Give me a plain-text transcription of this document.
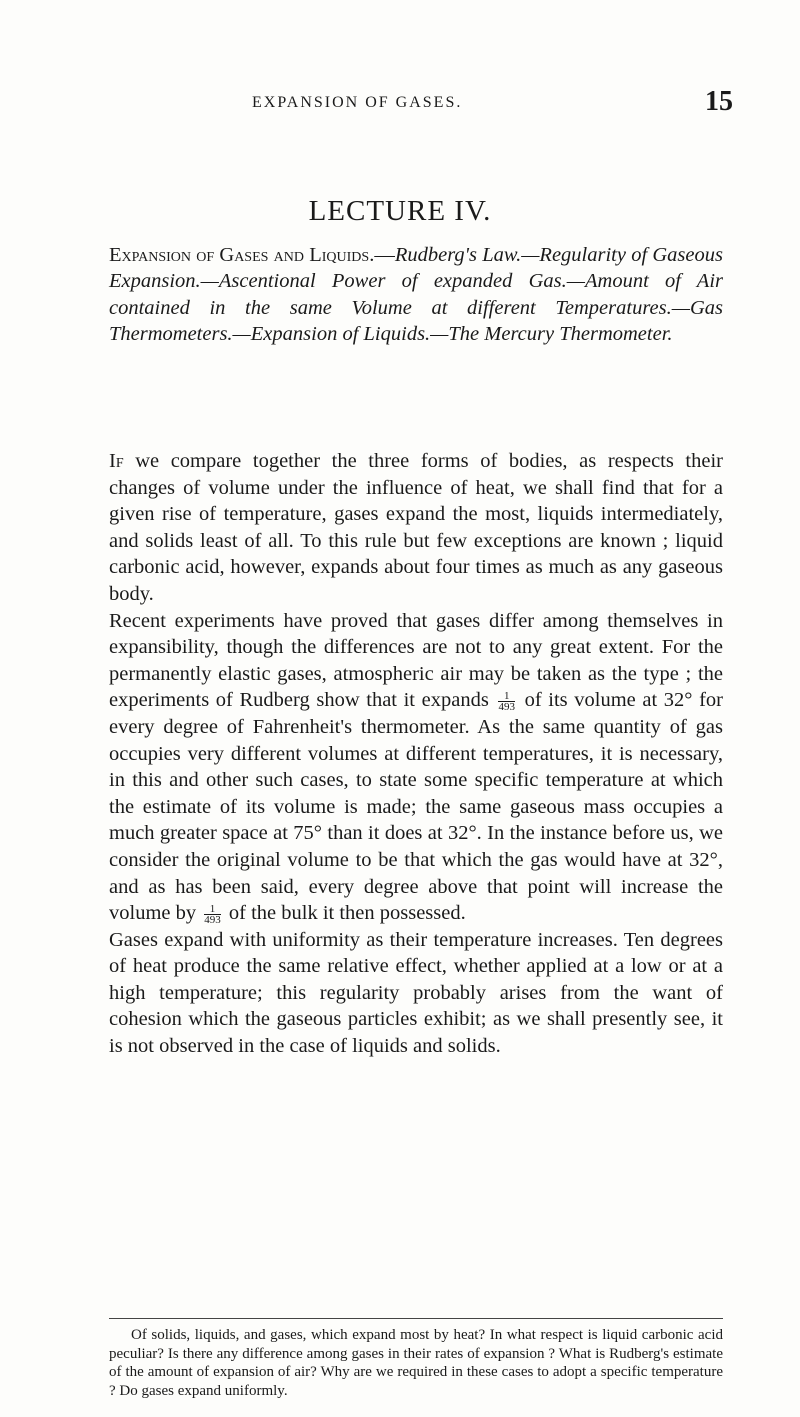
EXPANSION OF GASES.	15
LECTURE IV.

Expansion of Gases and Liquids.—Rudberg's Law.—Regularity of Gaseous Expansion.—Ascentional Power of expanded Gas.—Amount of Air contained in the same Volume at different Temperatures.—Gas Thermometers.—Expansion of Liquids.—The Mercury Thermometer.

If we compare together the three forms of bodies, as respects their changes of volume under the influence of heat, we shall find that for a given rise of temperature, gases expand the most, liquids intermediately, and solids least of all. To this rule but few exceptions are known ; liquid carbonic acid, however, expands about four times as much as any gaseous body.

Recent experiments have proved that gases differ among themselves in expansibility, though the differences are not to any great extent. For the permanently elastic gases, atmospheric air may be taken as the type ; the experiments of Rudberg show that it expands $\frac{1}{493}$ of its volume at 32° for every degree of Fahrenheit's thermometer. As the same quantity of gas occupies very different volumes at different temperatures, it is necessary, in this and other such cases, to state some specific temperature at which the estimate of its volume is made; the same gaseous mass occupies a much greater space at 75° than it does at 32°. In the instance before us, we consider the original volume to be that which the gas would have at 32°, and as has been said, every degree above that point will increase the volume by $\frac{1}{493}$ of the bulk it then possessed.

Gases expand with uniformity as their temperature increases. Ten degrees of heat produce the same relative effect, whether applied at a low or at a high temperature; this regularity probably arises from the want of cohesion which the gaseous particles exhibit; as we shall presently see, it is not observed in the case of liquids and solids.

Of solids, liquids, and gases, which expand most by heat? In what respect is liquid carbonic acid peculiar? Is there any difference among gases in their rates of expansion ? What is Rudberg's estimate of the amount of expansion of air? Why are we required in these cases to adopt a specific temperature ? Do gases expand uniformly.
